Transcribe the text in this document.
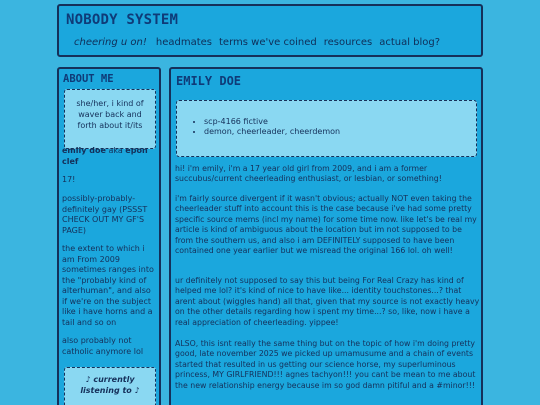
NOBODY SYSTEM
cheering u on! headmates terms we've coined resources actual blog?
ABOUT ME
she/her, i kind of waver back and forth about it/its
emily doe aka epon clef
17!
possibly-probably-definitely gay (PSSST CHECK OUT MY GF'S PAGE)
the extent to which i am From 2009 sometimes ranges into the "probably kind of alterhuman", and also if we're on the subject like i have horns and a tail and so on
also probably not catholic anymore lol
♪ currently listening to ♪
EMILY DOE
• scp-4166 fictive
• demon, cheerleader, cheerdemon
hi! i'm emily, i'm a 17 year old girl from 2009, and i am a former succubus/current cheerleading enthusiast, or lesbian, or something!
i'm fairly source divergent if it wasn't obvious; actually NOT even taking the cheerleader stuff into account this is the case because i've had some pretty specific source mems (incl my name) for some time now. like let's be real my article is kind of ambiguous about the location but im not supposed to be from the southern us, and also i am DEFINITELY supposed to have been contained one year earlier but we misread the original 166 lol. oh well!
ur definitely not supposed to say this but being For Real Crazy has kind of helped me lol? it's kind of nice to have like... identity touchstones...? that arent about (wiggles hand) all that, given that my source is not exactly heavy on the other details regarding how i spent my time...? so, like, now i have a real appreciation of cheerleading. yippee!
ALSO, this isnt really the same thing but on the topic of how i'm doing pretty good, late november 2025 we picked up umamusume and a chain of events started that resulted in us getting our science horse, my superluminous princess, MY GIRLFRIEND!!! agnes tachyon!!! you cant be mean to me about the new relationship energy because im so god damn pitiful and a #minor!!!
